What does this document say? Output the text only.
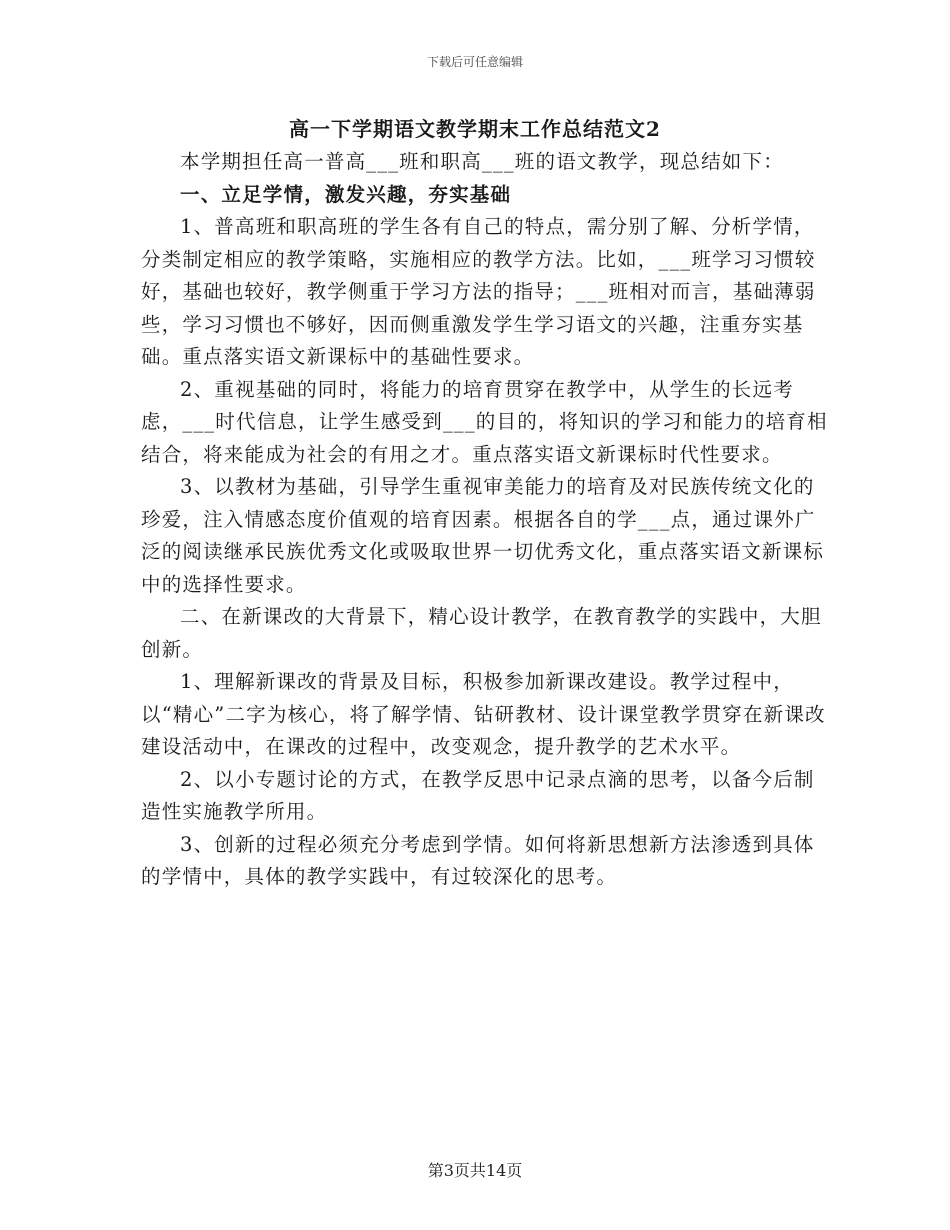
下载后可任意编辑
高一下学期语文教学期末工作总结范文2

本学期担任高一普高___班和职高___班的语文教学，现总结如下：

一、立足学情，激发兴趣，夯实基础

1、普高班和职高班的学生各有自己的特点，需分别了解、分析学情，分类制定相应的教学策略，实施相应的教学方法。比如，___班学习习惯较好，基础也较好，教学侧重于学习方法的指导；___班相对而言，基础薄弱些，学习习惯也不够好，因而侧重激发学生学习语文的兴趣，注重夯实基础。重点落实语文新课标中的基础性要求。

2、重视基础的同时，将能力的培育贯穿在教学中，从学生的长远考虑，___时代信息，让学生感受到___的目的，将知识的学习和能力的培育相结合，将来能成为社会的有用之才。重点落实语文新课标时代性要求。

3、以教材为基础，引导学生重视审美能力的培育及对民族传统文化的珍爱，注入情感态度价值观的培育因素。根据各自的学___点，通过课外广泛的阅读继承民族优秀文化或吸取世界一切优秀文化，重点落实语文新课标中的选择性要求。

二、在新课改的大背景下，精心设计教学，在教育教学的实践中，大胆创新。

1、理解新课改的背景及目标，积极参加新课改建设。教学过程中，以“精心”二字为核心，将了解学情、钻研教材、设计课堂教学贯穿在新课改建设活动中，在课改的过程中，改变观念，提升教学的艺术水平。

2、以小专题讨论的方式，在教学反思中记录点滴的思考，以备今后制造性实施教学所用。

3、创新的过程必须充分考虑到学情。如何将新思想新方法渗透到具体的学情中，具体的教学实践中，有过较深化的思考。

第3页共14页
